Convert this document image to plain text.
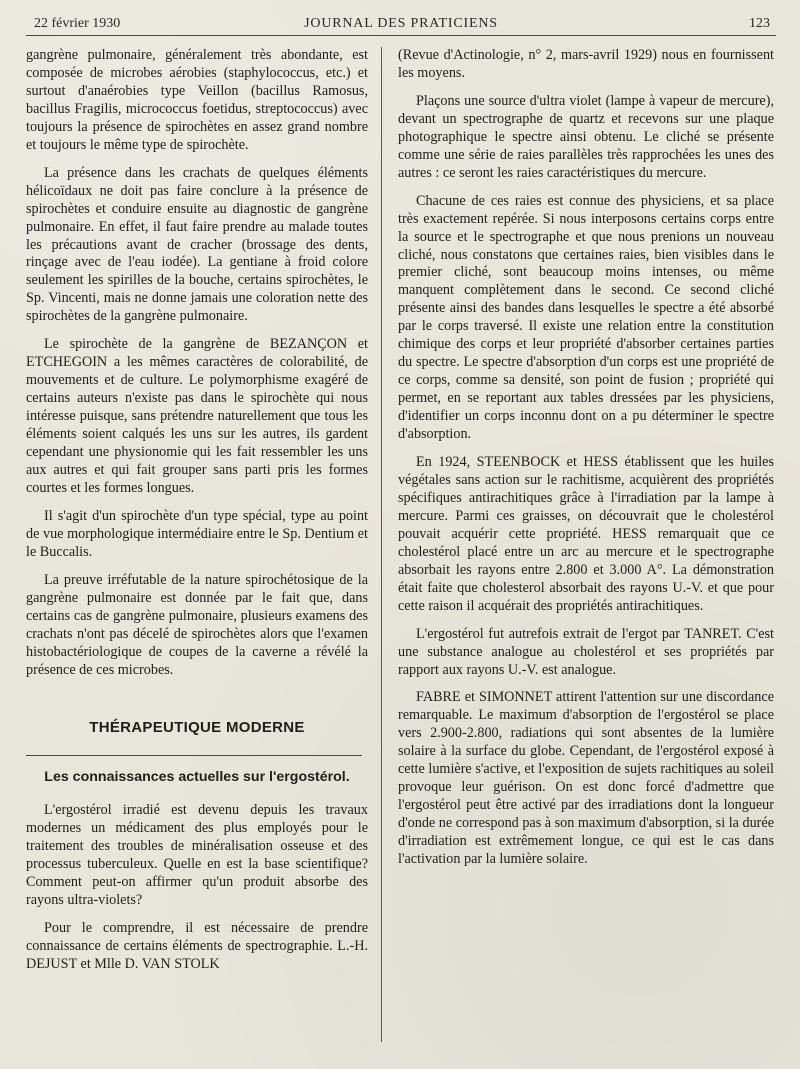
22 février 1930	JOURNAL DES PRATICIENS	123

gangrène pulmonaire, généralement très abondante, est composée de microbes aérobies (staphylococcus, etc.) et surtout d'anaérobies type Veillon (bacillus Ramosus, bacillus Fragilis, micrococcus foetidus, streptococcus) avec toujours la présence de spirochètes en assez grand nombre et toujours le même type de spirochète.

La présence dans les crachats de quelques éléments hélicoïdaux ne doit pas faire conclure à la présence de spirochètes et conduire ensuite au diagnostic de gangrène pulmonaire. En effet, il faut faire prendre au malade toutes les précautions avant de cracher (brossage des dents, rinçage avec de l'eau iodée). La gentiane à froid colore seulement les spirilles de la bouche, certains spirochètes, le Sp. Vincenti, mais ne donne jamais une coloration nette des spirochètes de la gangrène pulmonaire.

Le spirochète de la gangrène de BEZANÇON et ETCHEGOIN a les mêmes caractères de colorabilité, de mouvements et de culture. Le polymorphisme exagéré de certains auteurs n'existe pas dans le spirochète qui nous intéresse puisque, sans prétendre naturellement que tous les éléments soient calqués les uns sur les autres, ils gardent cependant une physionomie qui les fait ressembler les uns aux autres et qui fait grouper sans parti pris les formes courtes et les formes longues.

Il s'agit d'un spirochète d'un type spécial, type au point de vue morphologique intermédiaire entre le Sp. Dentium et le Buccalis.

La preuve irréfutable de la nature spirochétosique de la gangrène pulmonaire est donnée par le fait que, dans certains cas de gangrène pulmonaire, plusieurs examens des crachats n'ont pas décelé de spirochètes alors que l'examen histobactériologique de coupes de la caverne a révélé la présence de ces microbes.

THÉRAPEUTIQUE MODERNE
Les connaissances actuelles sur l'ergostérol.

L'ergostérol irradié est devenu depuis les travaux modernes un médicament des plus employés pour le traitement des troubles de minéralisation osseuse et des processus tuberculeux. Quelle en est la base scientifique? Comment peut-on affirmer qu'un produit absorbe des rayons ultra-violets?

Pour le comprendre, il est nécessaire de prendre connaissance de certains éléments de spectrographie. L.-H. DEJUST et Mlle D. VAN STOLK

(Revue d'Actinologie, n° 2, mars-avril 1929) nous en fournissent les moyens.

Plaçons une source d'ultra violet (lampe à vapeur de mercure), devant un spectrographe de quartz et recevons sur une plaque photographique le spectre ainsi obtenu. Le cliché se présente comme une série de raies parallèles très rapprochées les unes des autres : ce seront les raies caractéristiques du mercure.

Chacune de ces raies est connue des physiciens, et sa place très exactement repérée. Si nous interposons certains corps entre la source et le spectrographe et que nous prenions un nouveau cliché, nous constatons que certaines raies, bien visibles dans le premier cliché, sont beaucoup moins intenses, ou même manquent complètement dans le second. Ce second cliché présente ainsi des bandes dans lesquelles le spectre a été absorbé par le corps traversé. Il existe une relation entre la constitution chimique des corps et leur propriété d'absorber certaines parties du spectre. Le spectre d'absorption d'un corps est une propriété de ce corps, comme sa densité, son point de fusion ; propriété qui permet, en se reportant aux tables dressées par les physiciens, d'identifier un corps inconnu dont on a pu déterminer le spectre d'absorption.

En 1924, STEENBOCK et HESS établissent que les huiles végétales sans action sur le rachitisme, acquièrent des propriétés spécifiques antirachitiques grâce à l'irradiation par la lampe à mercure. Parmi ces graisses, on découvrait que le cholestérol pouvait acquérir cette propriété. HESS remarquait que ce cholestérol placé entre un arc au mercure et le spectrographe absorbait les rayons entre 2.800 et 3.000 A°. La démonstration était faite que cholesterol absorbait des rayons U.-V. et que pour cette raison il acquérait des propriétés antirachitiques.

L'ergostérol fut autrefois extrait de l'ergot par TANRET. C'est une substance analogue au cholestérol et ses propriétés par rapport aux rayons U.-V. est analogue.

FABRE et SIMONNET attirent l'attention sur une discordance remarquable. Le maximum d'absorption de l'ergostérol se place vers 2.900-2.800, radiations qui sont absentes de la lumière solaire à la surface du globe. Cependant, de l'ergostérol exposé à cette lumière s'active, et l'exposition de sujets rachitiques au soleil provoque leur guérison. On est donc forcé d'admettre que l'ergostérol peut être activé par des irradiations dont la longueur d'onde ne correspond pas à son maximum d'absorption, si la durée d'irradiation est extrêmement longue, ce qui est le cas dans l'activation par la lumière solaire.
